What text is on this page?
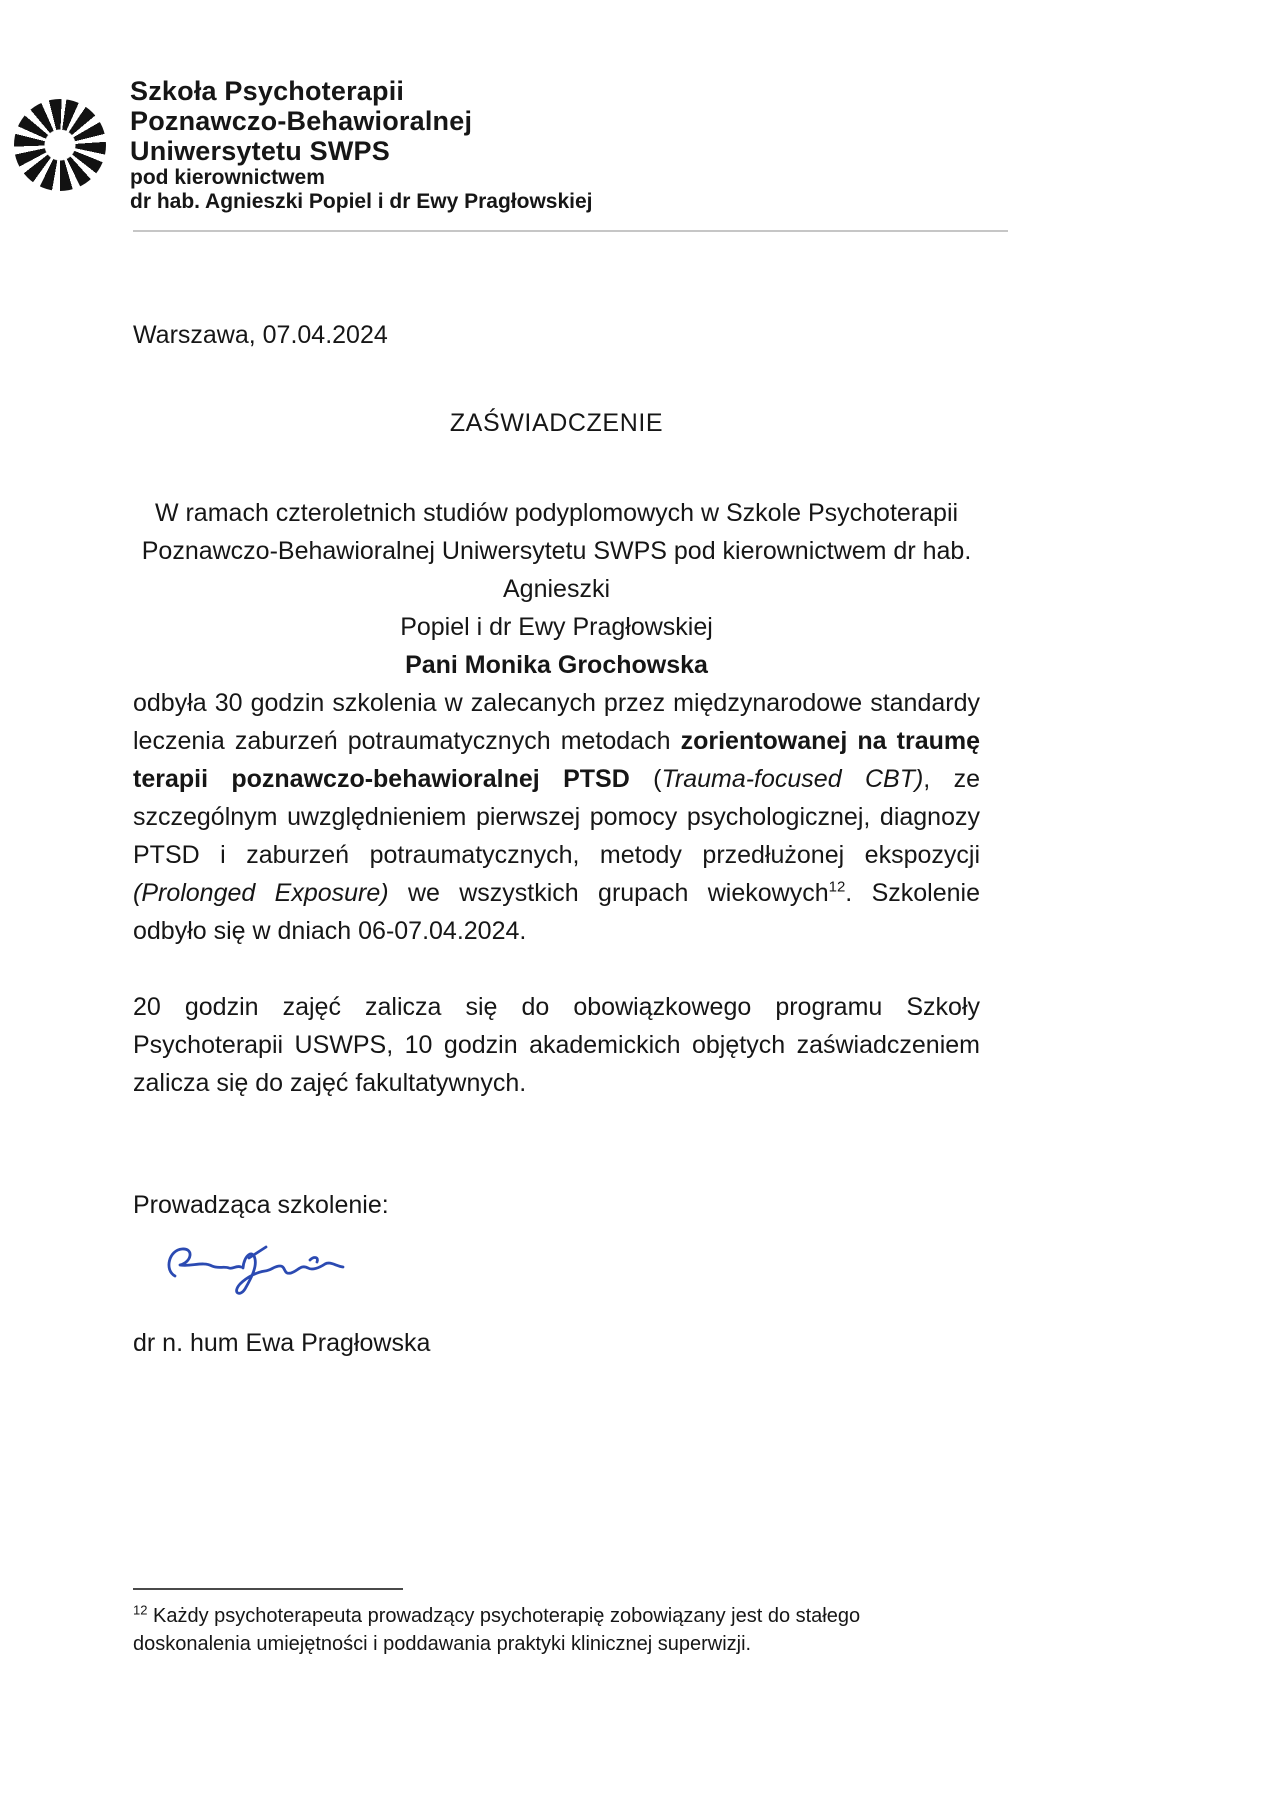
Szkoła Psychoterapii
Poznawczo-Behawioralnej
Uniwersytetu SWPS
pod kierownictwem
dr hab. Agnieszki Popiel i dr Ewy Pragłowskiej

Warszawa, 07.04.2024

ZAŚWIADCZENIE
W ramach czteroletnich studiów podyplomowych w Szkole Psychoterapii
Poznawczo-Behawioralnej Uniwersytetu SWPS pod kierownictwem dr hab. Agnieszki
Popiel i dr Ewy Pragłowskiej

Pani Monika Grochowska

odbyła 30 godzin szkolenia w zalecanych przez międzynarodowe standardy leczenia zaburzeń potraumatycznych metodach zorientowanej na traumę terapii poznawczo-behawioralnej PTSD (Trauma-focused CBT), ze szczególnym uwzględnieniem pierwszej pomocy psychologicznej, diagnozy PTSD i zaburzeń potraumatycznych, metody przedłużonej ekspozycji (Prolonged Exposure) we wszystkich grupach wiekowych$^{12}$. Szkolenie odbyło się w dniach 06-07.04.2024.

20 godzin zajęć zalicza się do obowiązkowego programu Szkoły Psychoterapii USWPS, 10 godzin akademickich objętych zaświadczeniem zalicza się do zajęć fakultatywnych.

Prowadząca szkolenie:

dr n. hum Ewa Pragłowska

$^{12}$ Każdy psychoterapeuta prowadzący psychoterapię zobowiązany jest do stałego doskonalenia umiejętności i poddawania praktyki klinicznej superwizji.
